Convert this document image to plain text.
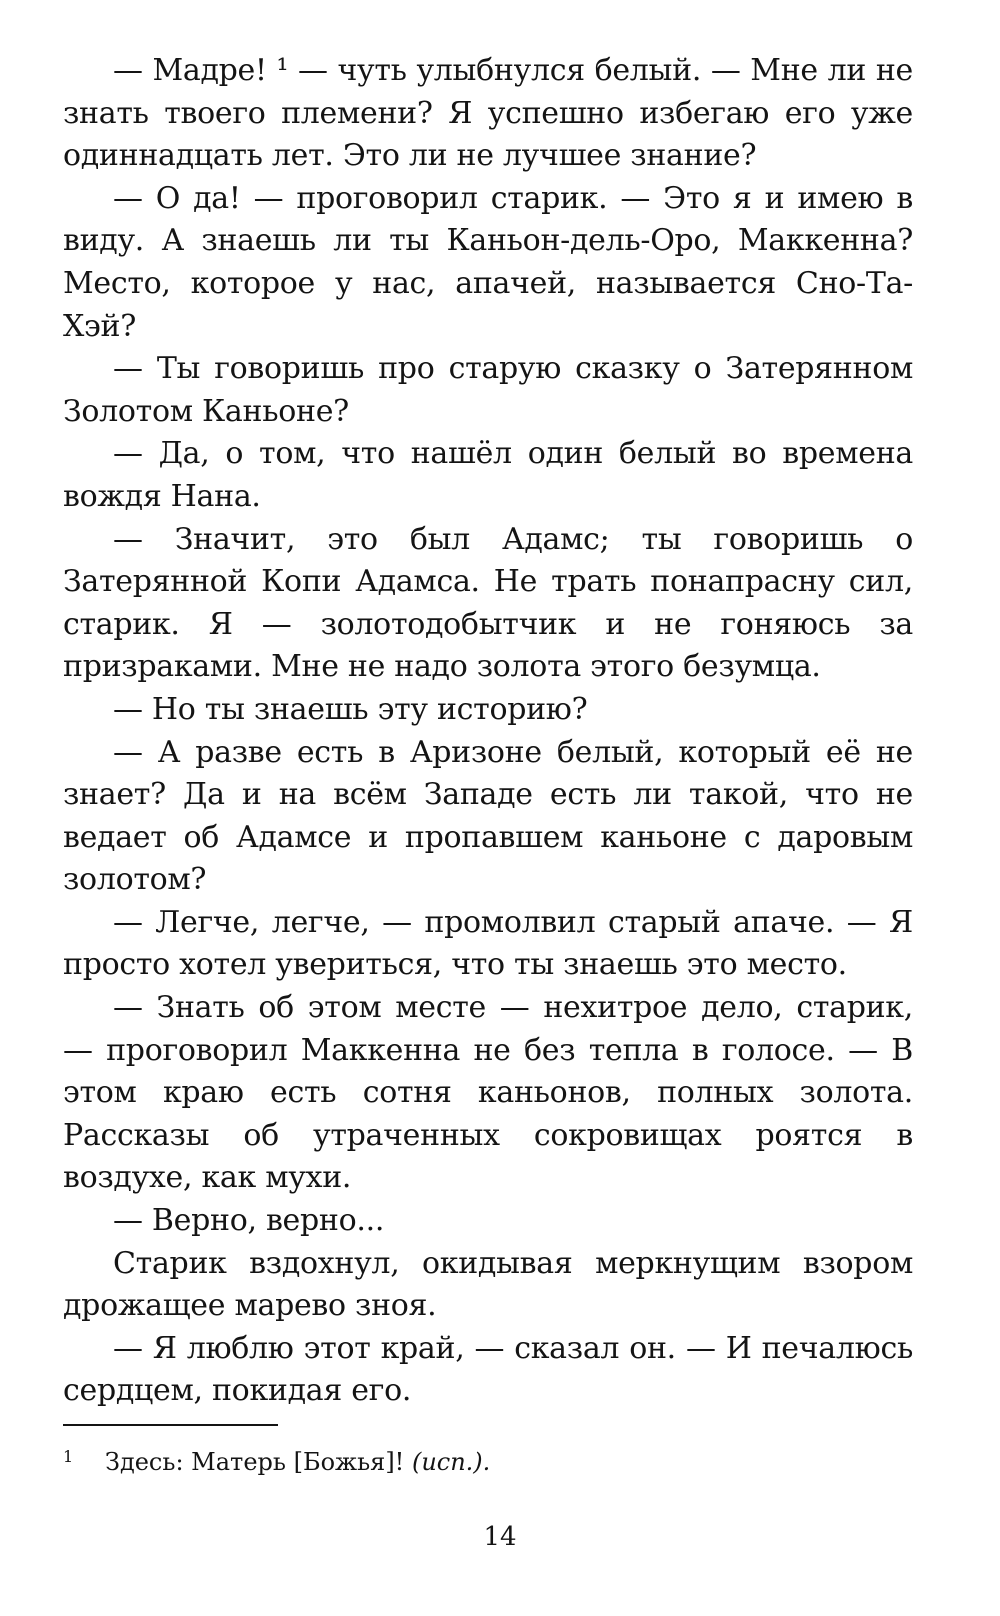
— Мадре! ¹ — чуть улыбнулся белый. — Мне ли не знать твоего племени? Я успешно избегаю его уже одиннадцать лет. Это ли не лучшее знание?

— О да! — проговорил старик. — Это я и имею в виду. А знаешь ли ты Каньон-дель-Оро, Маккенна? Место, которое у нас, апачей, называется Сно-Та-Хэй?

— Ты говоришь про старую сказку о Затерянном Золотом Каньоне?

— Да, о том, что нашёл один белый во времена вождя Нана.

— Значит, это был Адамс; ты говоришь о Затерянной Копи Адамса. Не трать понапрасну сил, старик. Я — золотодобытчик и не гоняюсь за призраками. Мне не надо золота этого безумца.

— Но ты знаешь эту историю?

— А разве есть в Аризоне белый, который её не знает? Да и на всём Западе есть ли такой, что не ведает об Адамсе и пропавшем каньоне с даровым золотом?

— Легче, легче, — промолвил старый апаче. — Я просто хотел увериться, что ты знаешь это место.

— Знать об этом месте — нехитрое дело, старик, — проговорил Маккенна не без тепла в голосе. — В этом краю есть сотня каньонов, полных золота. Рассказы об утраченных сокровищах роятся в воздухе, как мухи.

— Верно, верно...

Старик вздохнул, окидывая меркнущим взором дрожащее марево зноя.

— Я люблю этот край, — сказал он. — И печалюсь сердцем, покидая его.

1 Здесь: Матерь [Божья]! (исп.).
14
